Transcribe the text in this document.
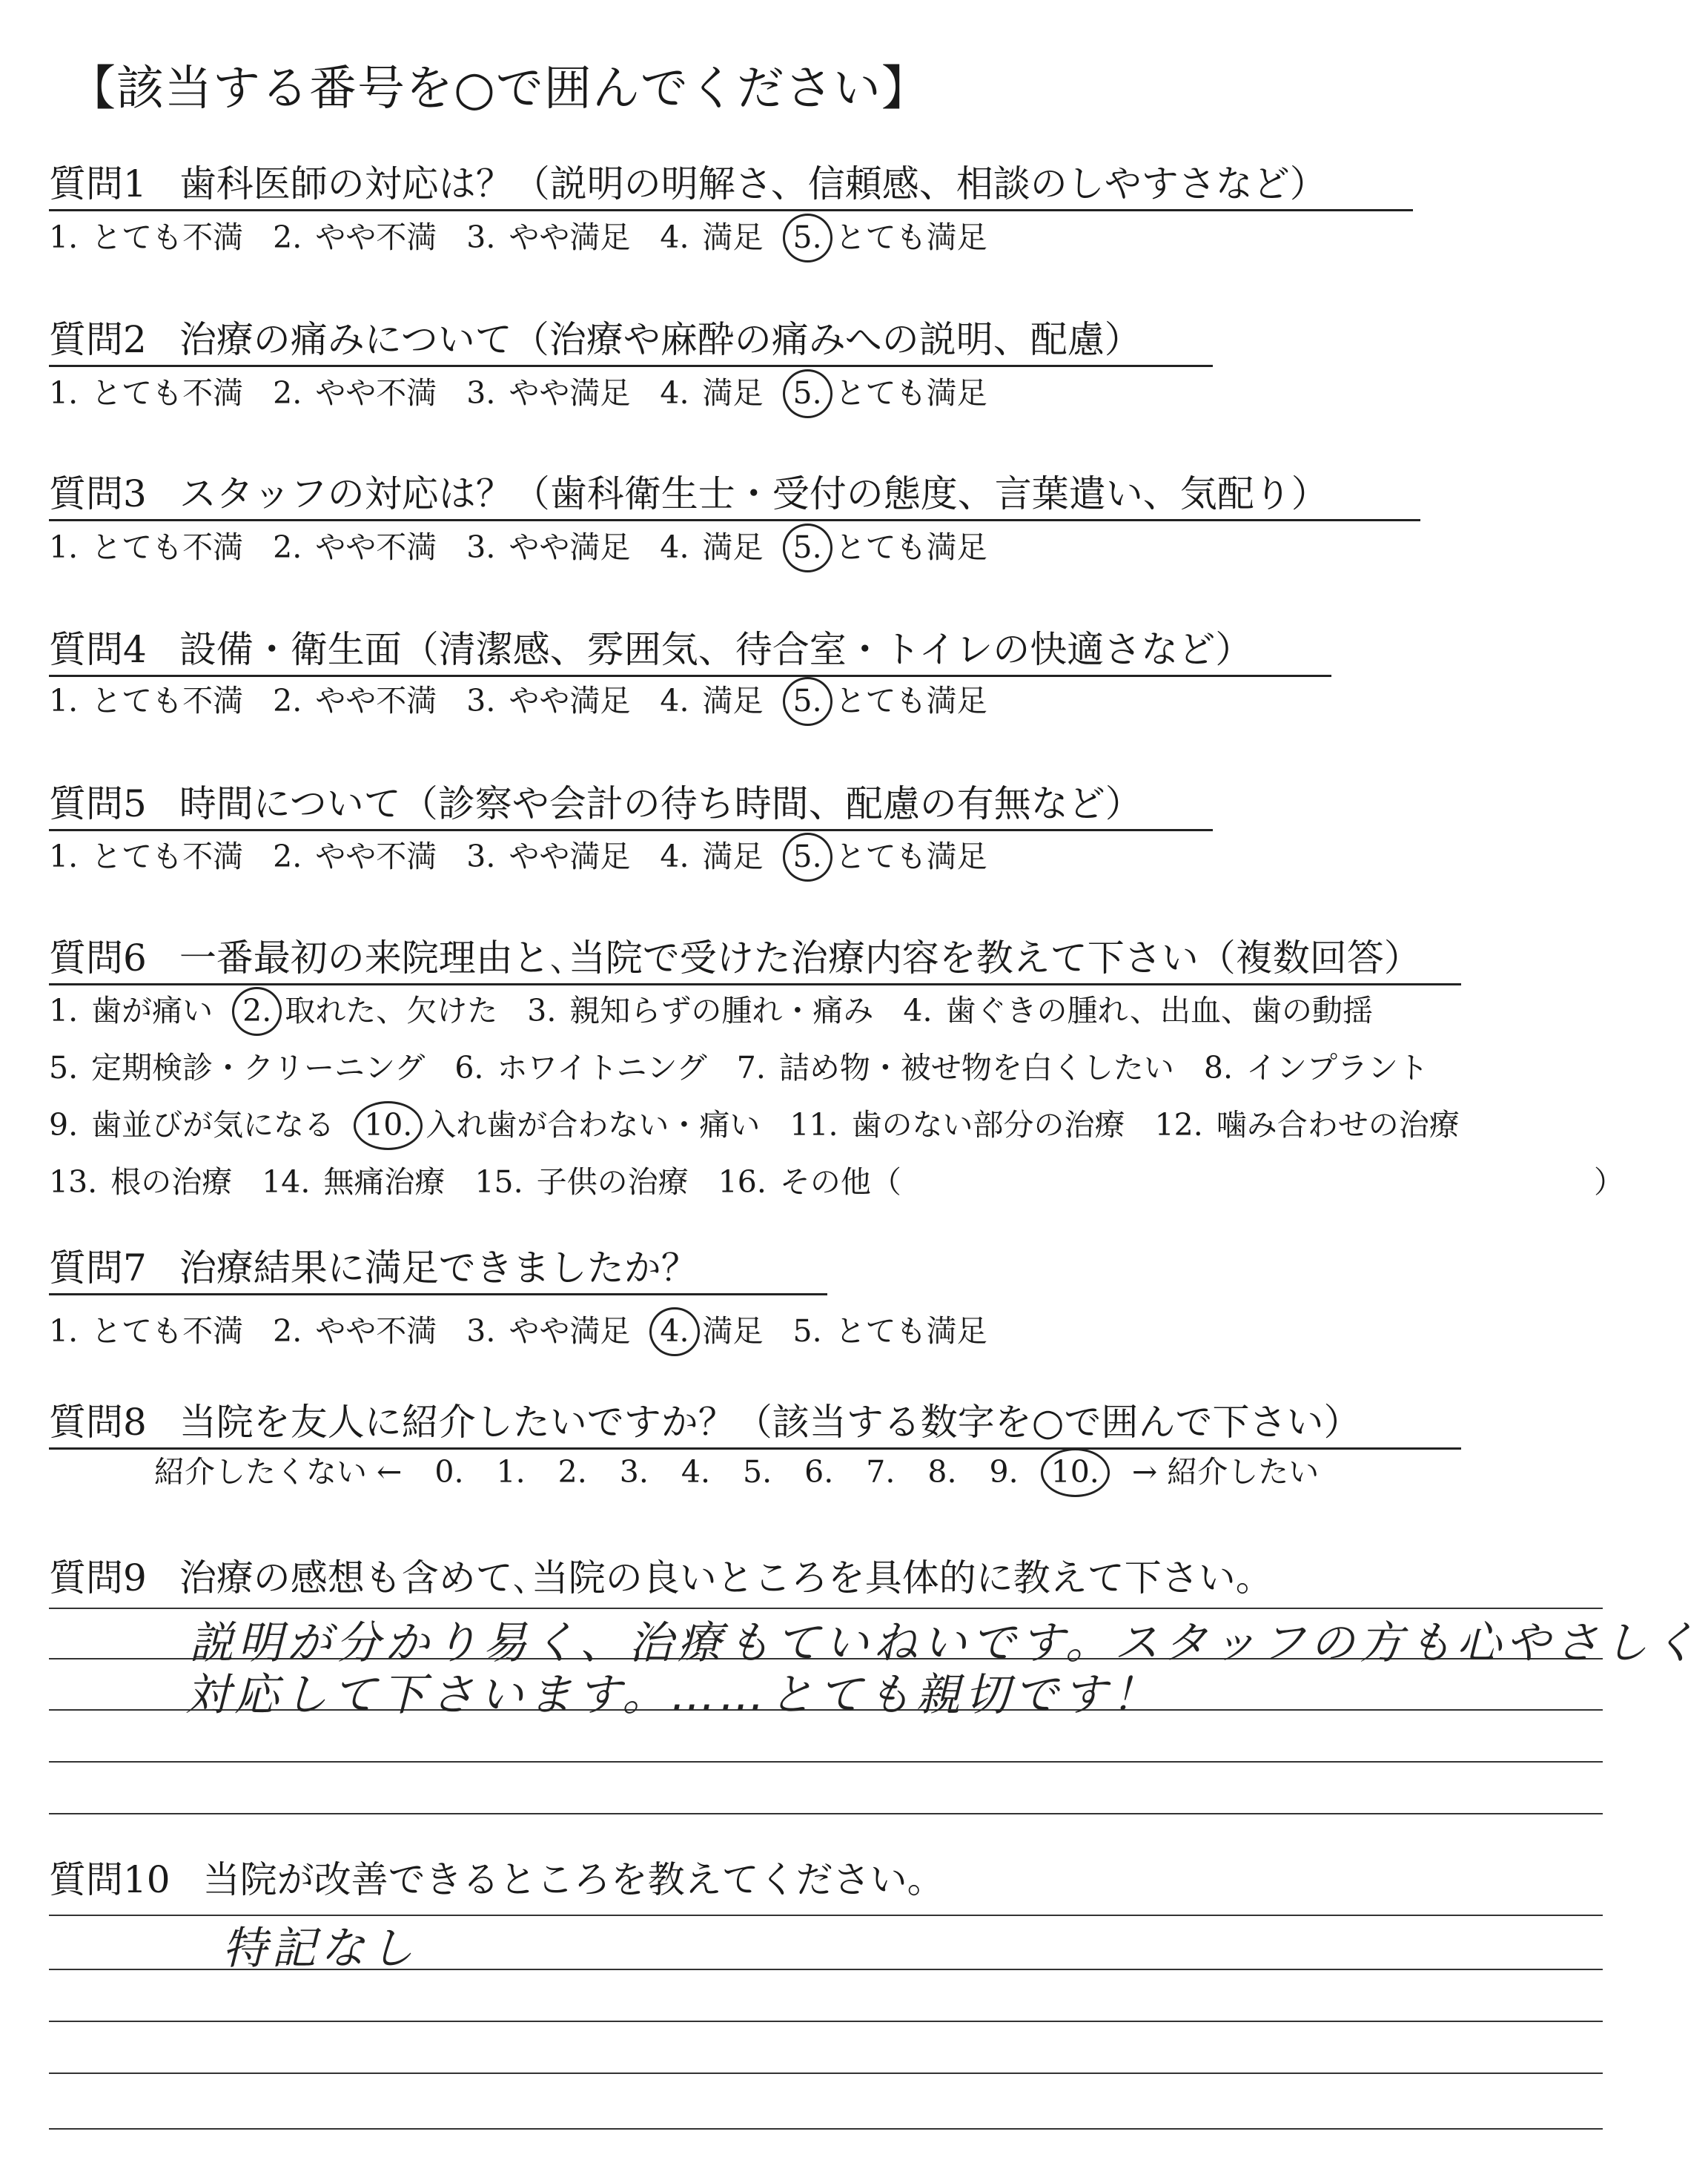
【該当する番号を○で囲んでください】
質問1 歯科医師の対応は？（説明の明解さ、信頼感、相談のしやすさなど）
質問2 治療の痛みについて（治療や麻酔の痛みへの説明、配慮）
質問3 スタッフの対応は？（歯科衛生士・受付の態度、言葉遣い、気配り）
質問4 設備・衛生面（清潔感、雰囲気、待合室・トイレの快適さなど）
質問5 時間について（診察や会計の待ち時間、配慮の有無など）
質問6 一番最初の来院理由と､当院で受けた治療内容を教えて下さい（複数回答）
質問7 治療結果に満足できましたか？
質問8 当院を友人に紹介したいですか？（該当する数字を○で囲んで下さい）
質問9 治療の感想も含めて､当院の良いところを具体的に教えて下さい。
質問10 当院が改善できるところを教えてください。
1. とても不満 2. やや不満 3. やや満足 4. 満足 5. とても満足
1. とても不満 2. やや不満 3. やや満足 4. 満足 5. とても満足
1. とても不満 2. やや不満 3. やや満足 4. 満足 5. とても満足
1. とても不満 2. やや不満 3. やや満足 4. 満足 5. とても満足
1. とても不満 2. やや不満 3. やや満足 4. 満足 5. とても満足
1. とても不満 2. やや不満 3. やや満足 4. 満足 5. とても満足
1. 歯が痛い 2. 取れた、欠けた 3. 親知らずの腫れ・痛み 4. 歯ぐきの腫れ、出血、歯の動揺
5. 定期検診・クリーニング 6. ホワイトニング 7. 詰め物・被せ物を白くしたい 8. インプラント
9. 歯並びが気になる 10. 入れ歯が合わない・痛い 11. 歯のない部分の治療 12. 噛み合わせの治療
13. 根の治療 14. 無痛治療 15. 子供の治療 16. その他（	）
紹介したくない ← 0. 1. 2. 3. 4. 5. 6. 7. 8. 9. 10. → 紹介したい
説明が分かり易く、治療もていねいです。スタッフの方も心やさしく
対応して下さいます。……とても親切です！
特記なし
